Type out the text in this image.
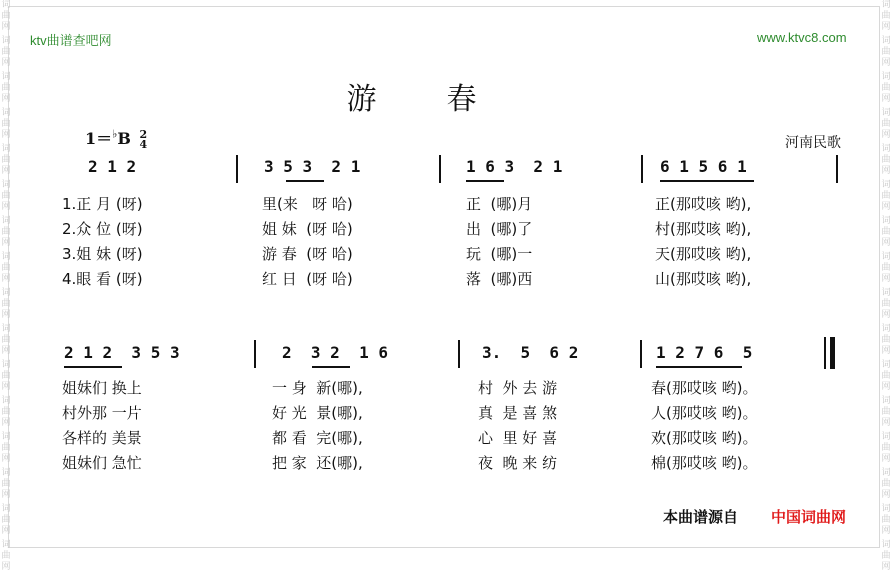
词
曲
网
词
曲
网
词
曲
网
词
曲
网
词
曲
网
词
曲
网
词
曲
网
词
曲
网
词
曲
网
词
曲
网
词
曲
网
词
曲
网
词
曲
网
词
曲
网
词
曲
网
词
曲
网
词
曲
网
词
曲
网
词
曲
网
词
曲
网
词
曲
网
词
曲
网
词
曲
网
词
曲
网
词
曲
网
词
曲
网
词
曲
网
词
曲
网
词
曲
网
词
曲
网
词
曲
网
词
曲
网
ktv曲谱查吧网	www.ktvc8.com
游春
1＝♭B 2
4	河南民歌
2 1 2	3 5 3  2 1	1 6 3  2 1	6 1 5 6 1
1.正 月 (呀)	里(来   呀 哈)	正  (哪)月	正(那哎咳 哟),
2.众 位 (呀)	姐 妹  (呀 哈)	出  (哪)了	村(那哎咳 哟),
3.姐 妹 (呀)	游 春  (呀 哈)	玩  (哪)一	天(那哎咳 哟),
4.眼 看 (呀)	红 日  (呀 哈)	落  (哪)西	山(那哎咳 哟),
2 1 2  3 5 3	2  3 2  1 6	3.  5  6 2	1 2 7 6  5
姐妹们 换上	一 身  新(哪),	村  外 去 游	春(那哎咳 哟)。
村外那 一片	好 光  景(哪),	真  是 喜 煞	人(那哎咳 哟)。
各样的 美景	都 看  完(哪),	心  里 好 喜	欢(那哎咳 哟)。
姐妹们 急忙	把 家  还(哪),	夜  晚 来 纺	棉(那哎咳 哟)。
本曲谱源自 中国词曲网
